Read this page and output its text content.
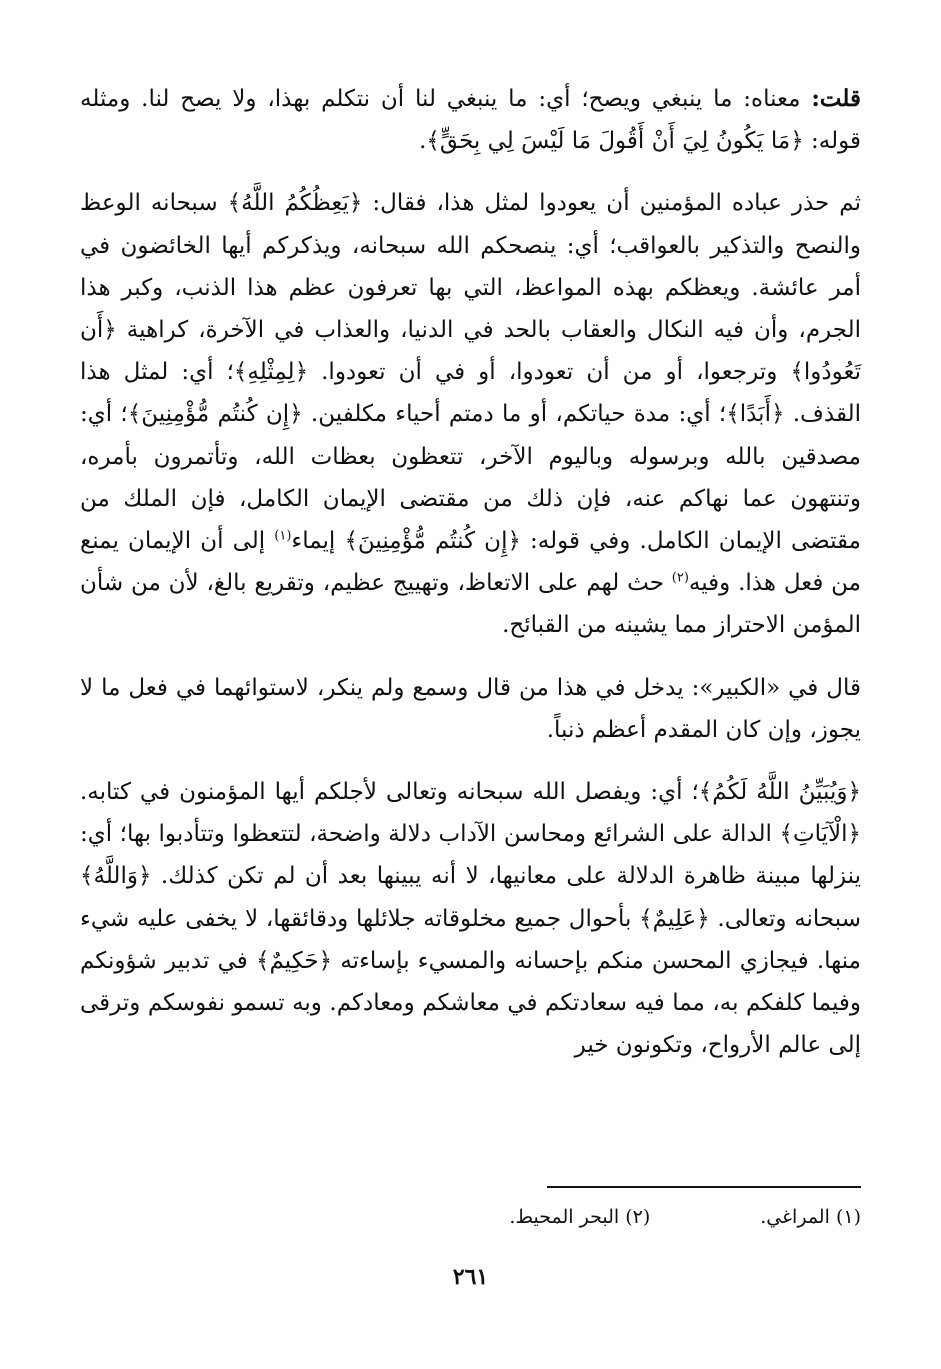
قلت: معناه: ما ينبغي ويصح؛ أي: ما ينبغي لنا أن نتكلم بهذا، ولا يصح لنا. ومثله قوله: ﴿ مَا يَكُونُ لِيَ أَنْ أَقُولَ مَا لَيْسَ لِي بِحَقٍّ ﴾.

ثم حذر عباده المؤمنين أن يعودوا لمثل هذا، فقال: ﴿ يَعِظُكُمُ اللَّهُ ﴾ سبحانه الوعظ والنصح والتذكير بالعواقب؛ أي: ينصحكم الله سبحانه، ويذكركم أيها الخائضون في أمر عائشة. ويعظكم بهذه المواعظ، التي بها تعرفون عظم هذا الذنب، وكبر هذا الجرم، وأن فيه النكال والعقاب بالحد في الدنيا، والعذاب في الآخرة، كراهية ﴿ أَن تَعُودُوا ﴾ وترجعوا، أو من أن تعودوا، أو في أن تعودوا. ﴿ لِمِثْلِهِ ﴾؛ أي: لمثل هذا القذف. ﴿ أَبَدًا ﴾؛ أي: مدة حياتكم، أو ما دمتم أحياء مكلفين. ﴿ إِن كُنتُم مُّؤْمِنِينَ ﴾؛ أي: مصدقين بالله وبرسوله وباليوم الآخر، تتعظون بعظات الله، وتأتمرون بأمره، وتنتهون عما نهاكم عنه، فإن ذلك من مقتضى الإيمان الكامل، فإن الملك من مقتضى الإيمان الكامل. وفي قوله: ﴿ إِن كُنتُم مُّؤْمِنِينَ ﴾ إيماء$^{(١)}$ إلى أن الإيمان يمنع من فعل هذا. وفيه$^{(٢)}$ حث لهم على الاتعاظ، وتهييج عظيم، وتقريع بالغ، لأن من شأن المؤمن الاحتراز مما يشينه من القبائح.

قال في «الكبير»: يدخل في هذا من قال وسمع ولم ينكر، لاستوائهما في فعل ما لا يجوز، وإن كان المقدم أعظم ذنباً.

﴿ وَيُبَيِّنُ اللَّهُ لَكُمُ ﴾؛ أي: ويفصل الله سبحانه وتعالى لأجلكم أيها المؤمنون في كتابه. ﴿ الْآيَاتِ ﴾ الدالة على الشرائع ومحاسن الآداب دلالة واضحة، لتتعظوا وتتأدبوا بها؛ أي: ينزلها مبينة ظاهرة الدلالة على معانيها، لا أنه يبينها بعد أن لم تكن كذلك. ﴿ وَاللَّهُ ﴾ سبحانه وتعالى. ﴿ عَلِيمٌ ﴾ بأحوال جميع مخلوقاته جلائلها ودقائقها، لا يخفى عليه شيء منها. فيجازي المحسن منكم بإحسانه والمسيء بإساءته ﴿ حَكِيمٌ ﴾ في تدبير شؤونكم وفيما كلفكم به، مما فيه سعادتكم في معاشكم ومعادكم. وبه تسمو نفوسكم وترقى إلى عالم الأرواح، وتكونون خير

(١) المراغي.
(٢) البحر المحيط.
٢٦١
